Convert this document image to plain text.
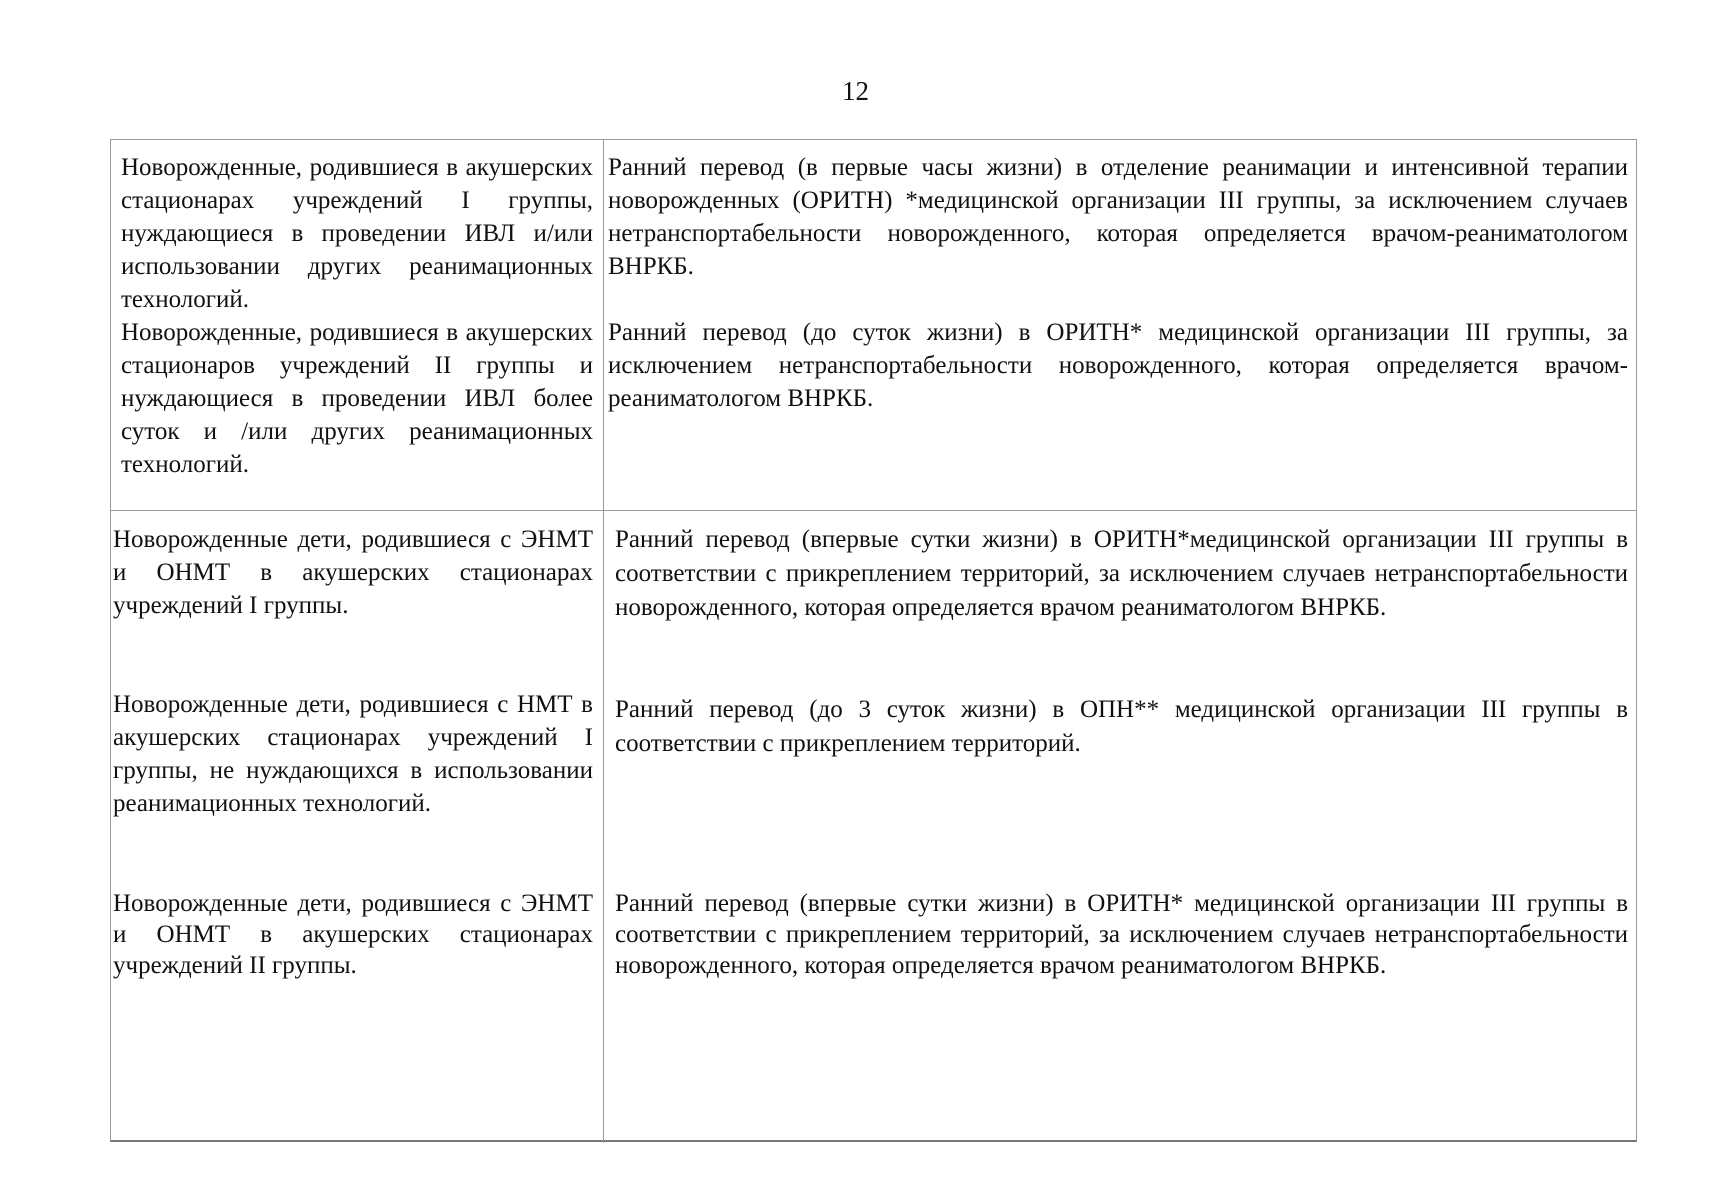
12

Новорожденные, родившиеся в акушерских стационарах учреждений I группы, нуждающиеся в проведении ИВЛ и/или использовании других реанимационных технологий.

Новорожденные, родившиеся в акушерских стационаров учреждений II группы и нуждающиеся в проведении ИВЛ более суток и /или других реанимационных технологий.

Ранний перевод (в первые часы жизни) в отделение реанимации и интенсивной терапии новорожденных (ОРИТН) *медицинской организации III группы, за исключением случаев нетранспортабельности новорожденного, которая определяется врачом-реаниматологом ВНРКБ.

Ранний перевод (до суток жизни) в ОРИТН* медицинской организации III группы, за исключением нетранспортабельности новорожденного, которая определяется врачом-реаниматологом ВНРКБ.

Новорожденные дети, родившиеся с ЭНМТ и ОНМТ в акушерских стационарах учреждений I группы.

Новорожденные дети, родившиеся с НМТ в акушерских стационарах учреждений I группы, не нуждающихся в использовании реанимационных технологий.

Новорожденные дети, родившиеся с ЭНМТ и ОНМТ в акушерских стационарах учреждений II группы.

Ранний перевод (впервые сутки жизни) в ОРИТН*медицинской организации III группы в соответствии с прикреплением территорий, за исключением случаев нетранспортабельности новорожденного, которая определяется врачом реаниматологом ВНРКБ.

Ранний перевод (до 3 суток жизни) в ОПН** медицинской организации III группы в соответствии с прикреплением территорий.

Ранний перевод (впервые сутки жизни) в ОРИТН* медицинской организации III группы в соответствии с прикреплением территорий, за исключением случаев нетранспортабельности новорожденного, которая определяется врачом реаниматологом ВНРКБ.
